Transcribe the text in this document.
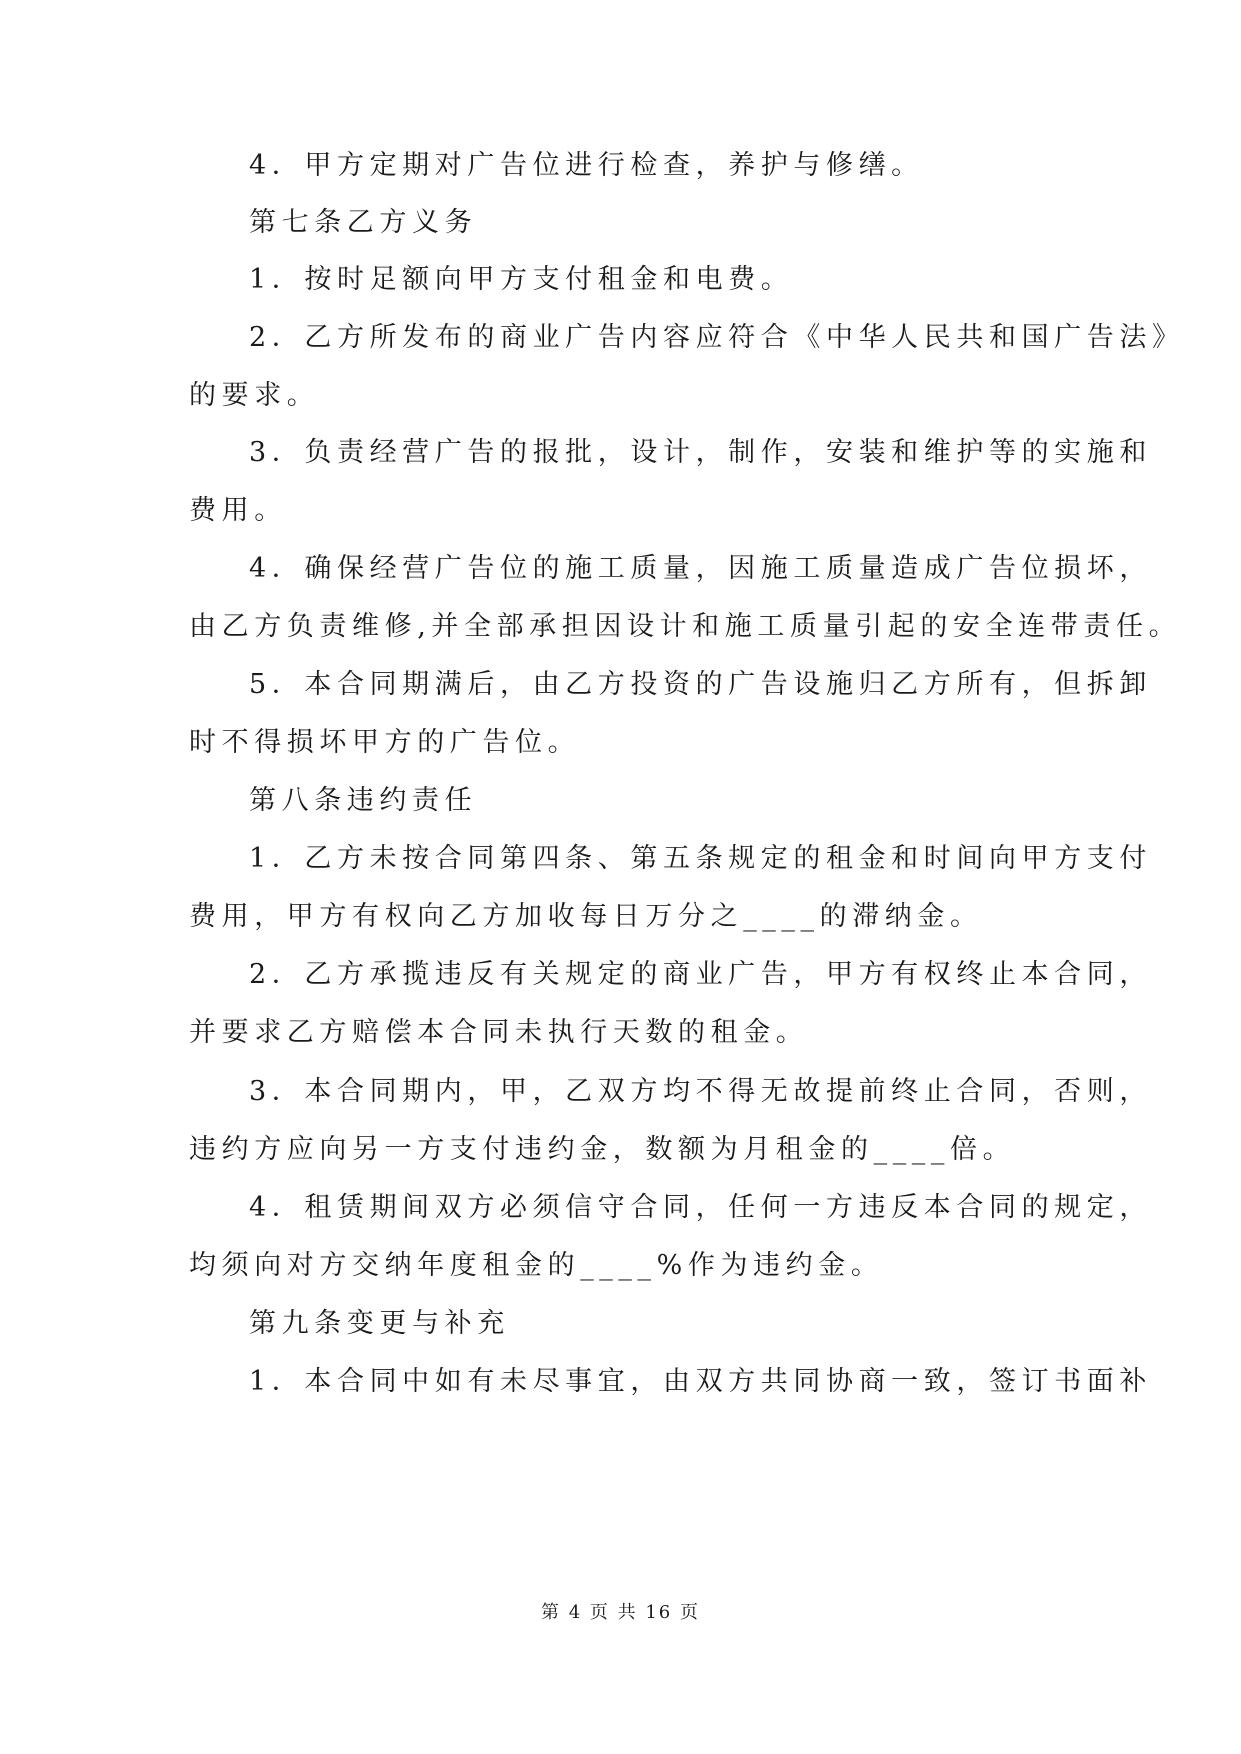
4．甲方定期对广告位进行检查，养护与修缮。
第七条乙方义务
1．按时足额向甲方支付租金和电费。
2．乙方所发布的商业广告内容应符合《中华人民共和国广告法》
的要求。
3．负责经营广告的报批，设计，制作，安装和维护等的实施和
费用。
4．确保经营广告位的施工质量，因施工质量造成广告位损坏，
由乙方负责维修,并全部承担因设计和施工质量引起的安全连带责任。
5．本合同期满后，由乙方投资的广告设施归乙方所有，但拆卸
时不得损坏甲方的广告位。
第八条违约责任
1．乙方未按合同第四条、第五条规定的租金和时间向甲方支付
费用，甲方有权向乙方加收每日万分之____的滞纳金。
2．乙方承揽违反有关规定的商业广告，甲方有权终止本合同，
并要求乙方赔偿本合同未执行天数的租金。
3．本合同期内，甲，乙双方均不得无故提前终止合同，否则，
违约方应向另一方支付违约金，数额为月租金的____倍。
4．租赁期间双方必须信守合同，任何一方违反本合同的规定，
均须向对方交纳年度租金的____%作为违约金。
第九条变更与补充
1．本合同中如有未尽事宜，由双方共同协商一致，签订书面补
第 4 页 共 16 页
